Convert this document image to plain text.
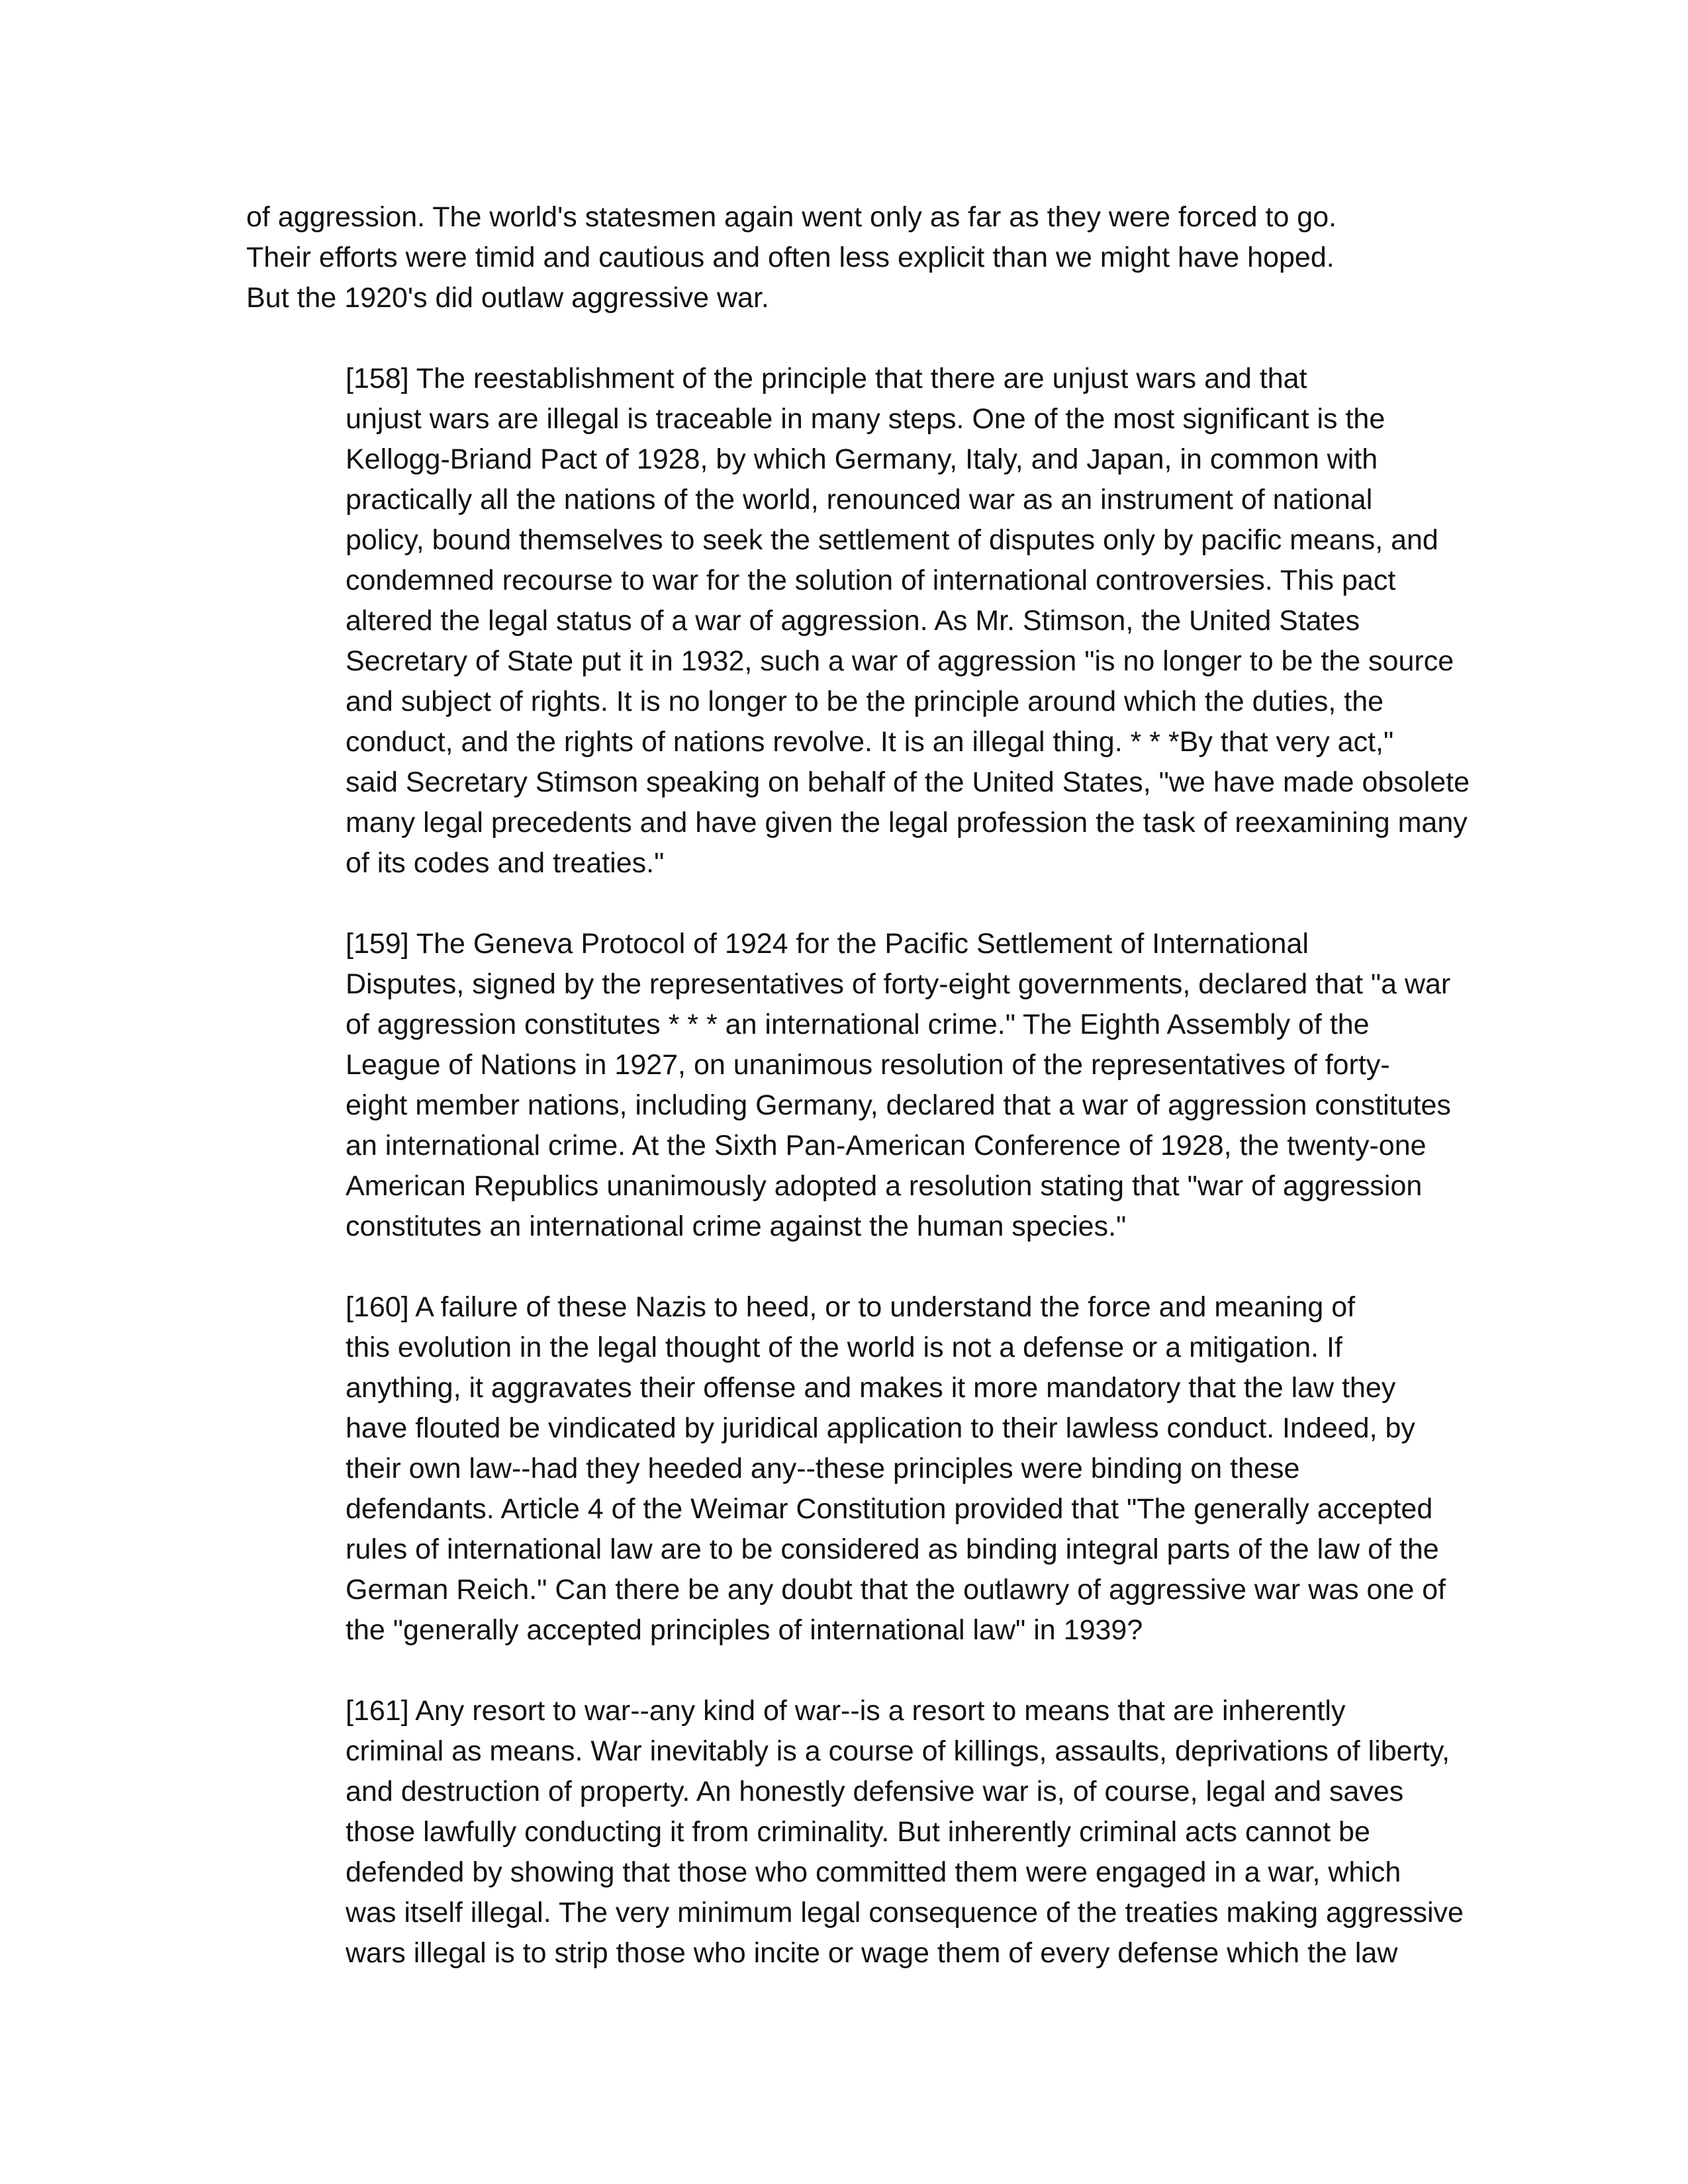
of aggression. The world's statesmen again went only as far as they were forced to go.
Their efforts were timid and cautious and often less explicit than we might have hoped.
But the 1920's did outlaw aggressive war.
[158] The reestablishment of the principle that there are unjust wars and that
unjust wars are illegal is traceable in many steps. One of the most significant is the
Kellogg-Briand Pact of 1928, by which Germany, Italy, and Japan, in common with
practically all the nations of the world, renounced war as an instrument of national
policy, bound themselves to seek the settlement of disputes only by pacific means, and
condemned recourse to war for the solution of international controversies. This pact
altered the legal status of a war of aggression. As Mr. Stimson, the United States
Secretary of State put it in 1932, such a war of aggression "is no longer to be the source
and subject of rights. It is no longer to be the principle around which the duties, the
conduct, and the rights of nations revolve. It is an illegal thing. * * *By that very act,"
said Secretary Stimson speaking on behalf of the United States, "we have made obsolete
many legal precedents and have given the legal profession the task of reexamining many
of its codes and treaties."
[159] The Geneva Protocol of 1924 for the Pacific Settlement of International
Disputes, signed by the representatives of forty-eight governments, declared that "a war
of aggression constitutes * * * an international crime." The Eighth Assembly of the
League of Nations in 1927, on unanimous resolution of the representatives of forty-
eight member nations, including Germany, declared that a war of aggression constitutes
an international crime. At the Sixth Pan-American Conference of 1928, the twenty-one
American Republics unanimously adopted a resolution stating that "war of aggression
constitutes an international crime against the human species."
[160] A failure of these Nazis to heed, or to understand the force and meaning of
this evolution in the legal thought of the world is not a defense or a mitigation. If
anything, it aggravates their offense and makes it more mandatory that the law they
have flouted be vindicated by juridical application to their lawless conduct. Indeed, by
their own law--had they heeded any--these principles were binding on these
defendants. Article 4 of the Weimar Constitution provided that "The generally accepted
rules of international law are to be considered as binding integral parts of the law of the
German Reich." Can there be any doubt that the outlawry of aggressive war was one of
the "generally accepted principles of international law" in 1939?
[161] Any resort to war--any kind of war--is a resort to means that are inherently
criminal as means. War inevitably is a course of killings, assaults, deprivations of liberty,
and destruction of property. An honestly defensive war is, of course, legal and saves
those lawfully conducting it from criminality. But inherently criminal acts cannot be
defended by showing that those who committed them were engaged in a war, which
was itself illegal. The very minimum legal consequence of the treaties making aggressive
wars illegal is to strip those who incite or wage them of every defense which the law
